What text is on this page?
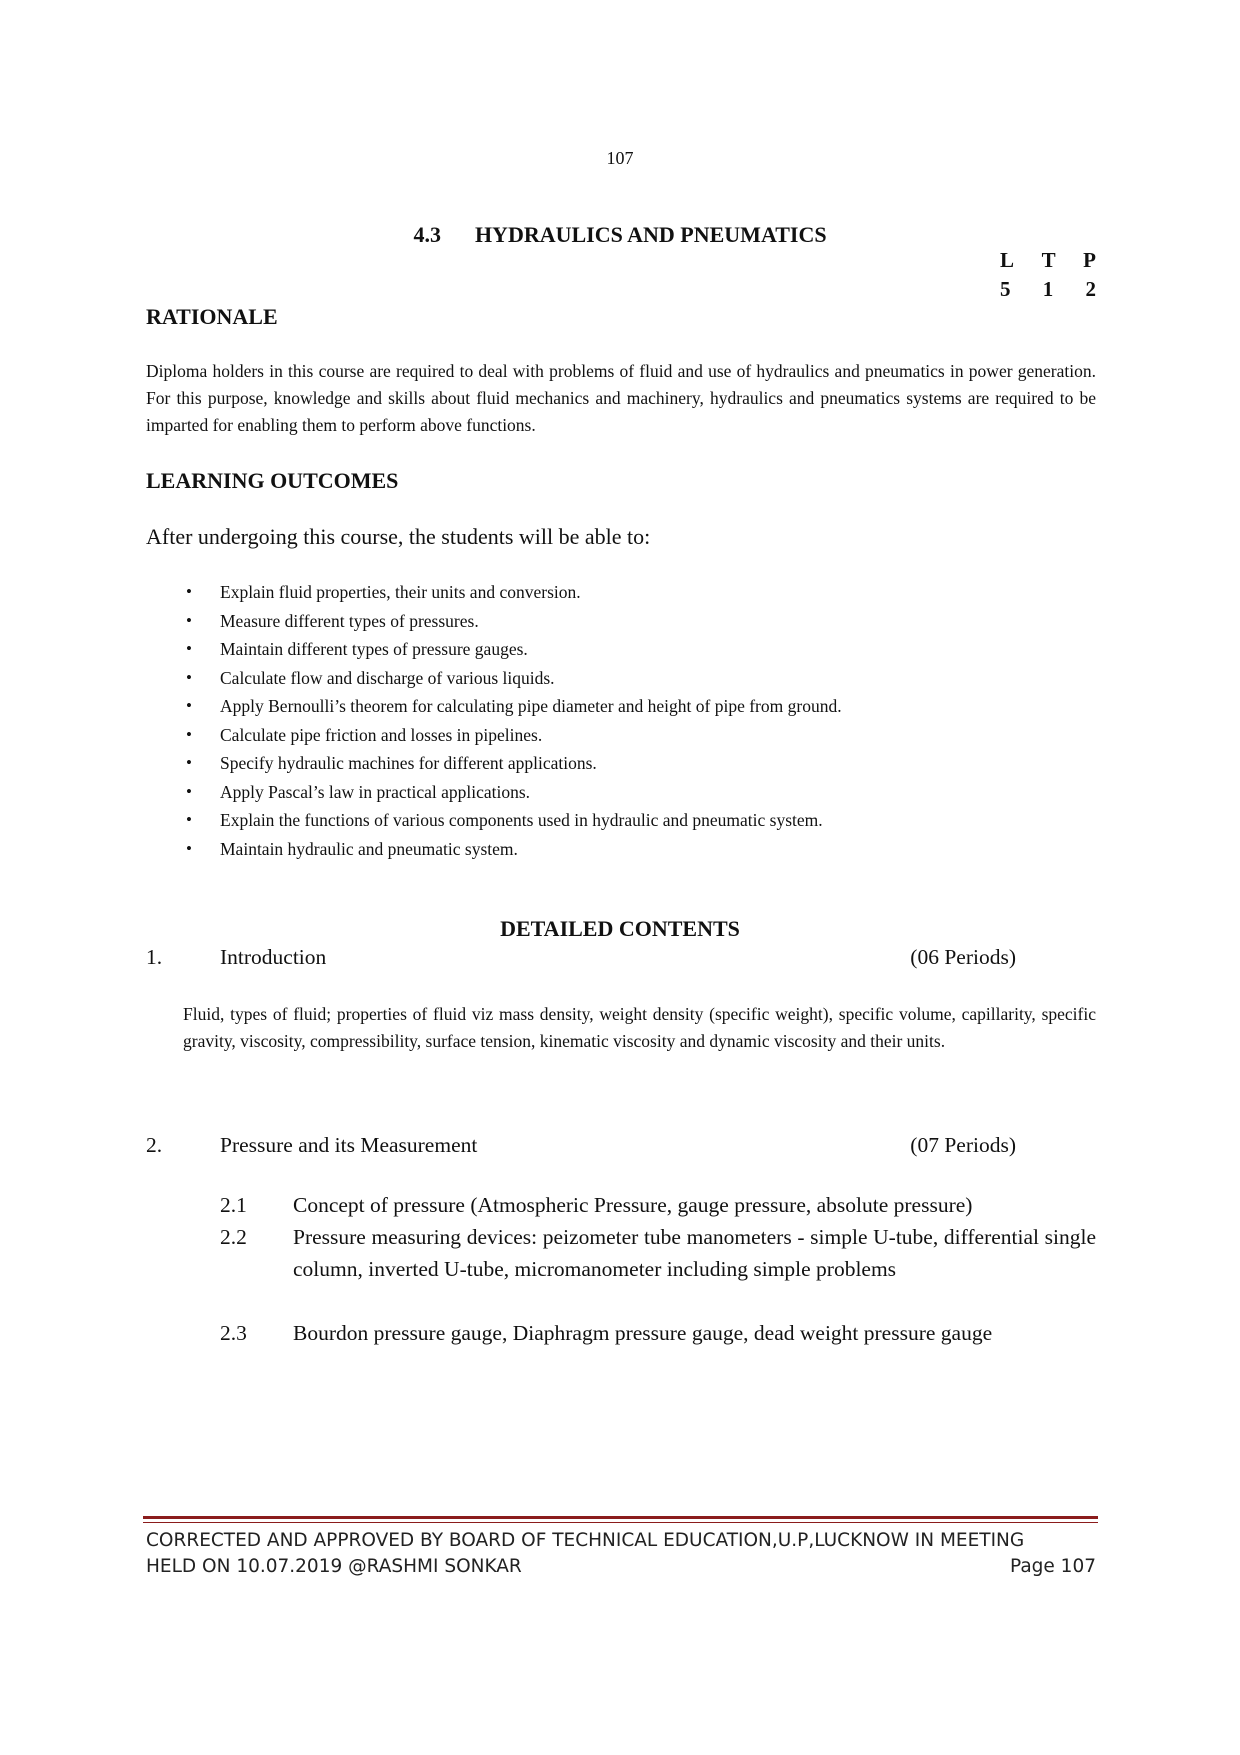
107
4.3 HYDRAULICS AND PNEUMATICS
L T P
5 1 2
RATIONALE
Diploma holders in this course are required to deal with problems of fluid and use of hydraulics and pneumatics in power generation. For this purpose, knowledge and skills about fluid mechanics and machinery, hydraulics and pneumatics systems are required to be imparted for enabling them to perform above functions.
LEARNING OUTCOMES
After undergoing this course, the students will be able to:
• Explain fluid properties, their units and conversion.
• Measure different types of pressures.
• Maintain different types of pressure gauges.
• Calculate flow and discharge of various liquids.
• Apply Bernoulli’s theorem for calculating pipe diameter and height of pipe from ground.
• Calculate pipe friction and losses in pipelines.
• Specify hydraulic machines for different applications.
• Apply Pascal’s law in practical applications.
• Explain the functions of various components used in hydraulic and pneumatic system.
• Maintain hydraulic and pneumatic system.
DETAILED CONTENTS
1.	Introduction	(06 Periods)
Fluid, types of fluid; properties of fluid viz mass density, weight density (specific weight), specific volume, capillarity, specific gravity, viscosity, compressibility, surface tension, kinematic viscosity and dynamic viscosity and their units.
2.	Pressure and its Measurement	(07 Periods)
2.1 Concept of pressure (Atmospheric Pressure, gauge pressure, absolute pressure)
2.2 Pressure measuring devices: peizometer tube manometers - simple U-tube, differential single column, inverted U-tube, micromanometer including simple problems
2.3 Bourdon pressure gauge, Diaphragm pressure gauge, dead weight pressure gauge
CORRECTED AND APPROVED BY BOARD OF TECHNICAL EDUCATION,U.P,LUCKNOW IN MEETING
HELD ON 10.07.2019 @RASHMI SONKAR	Page 107
